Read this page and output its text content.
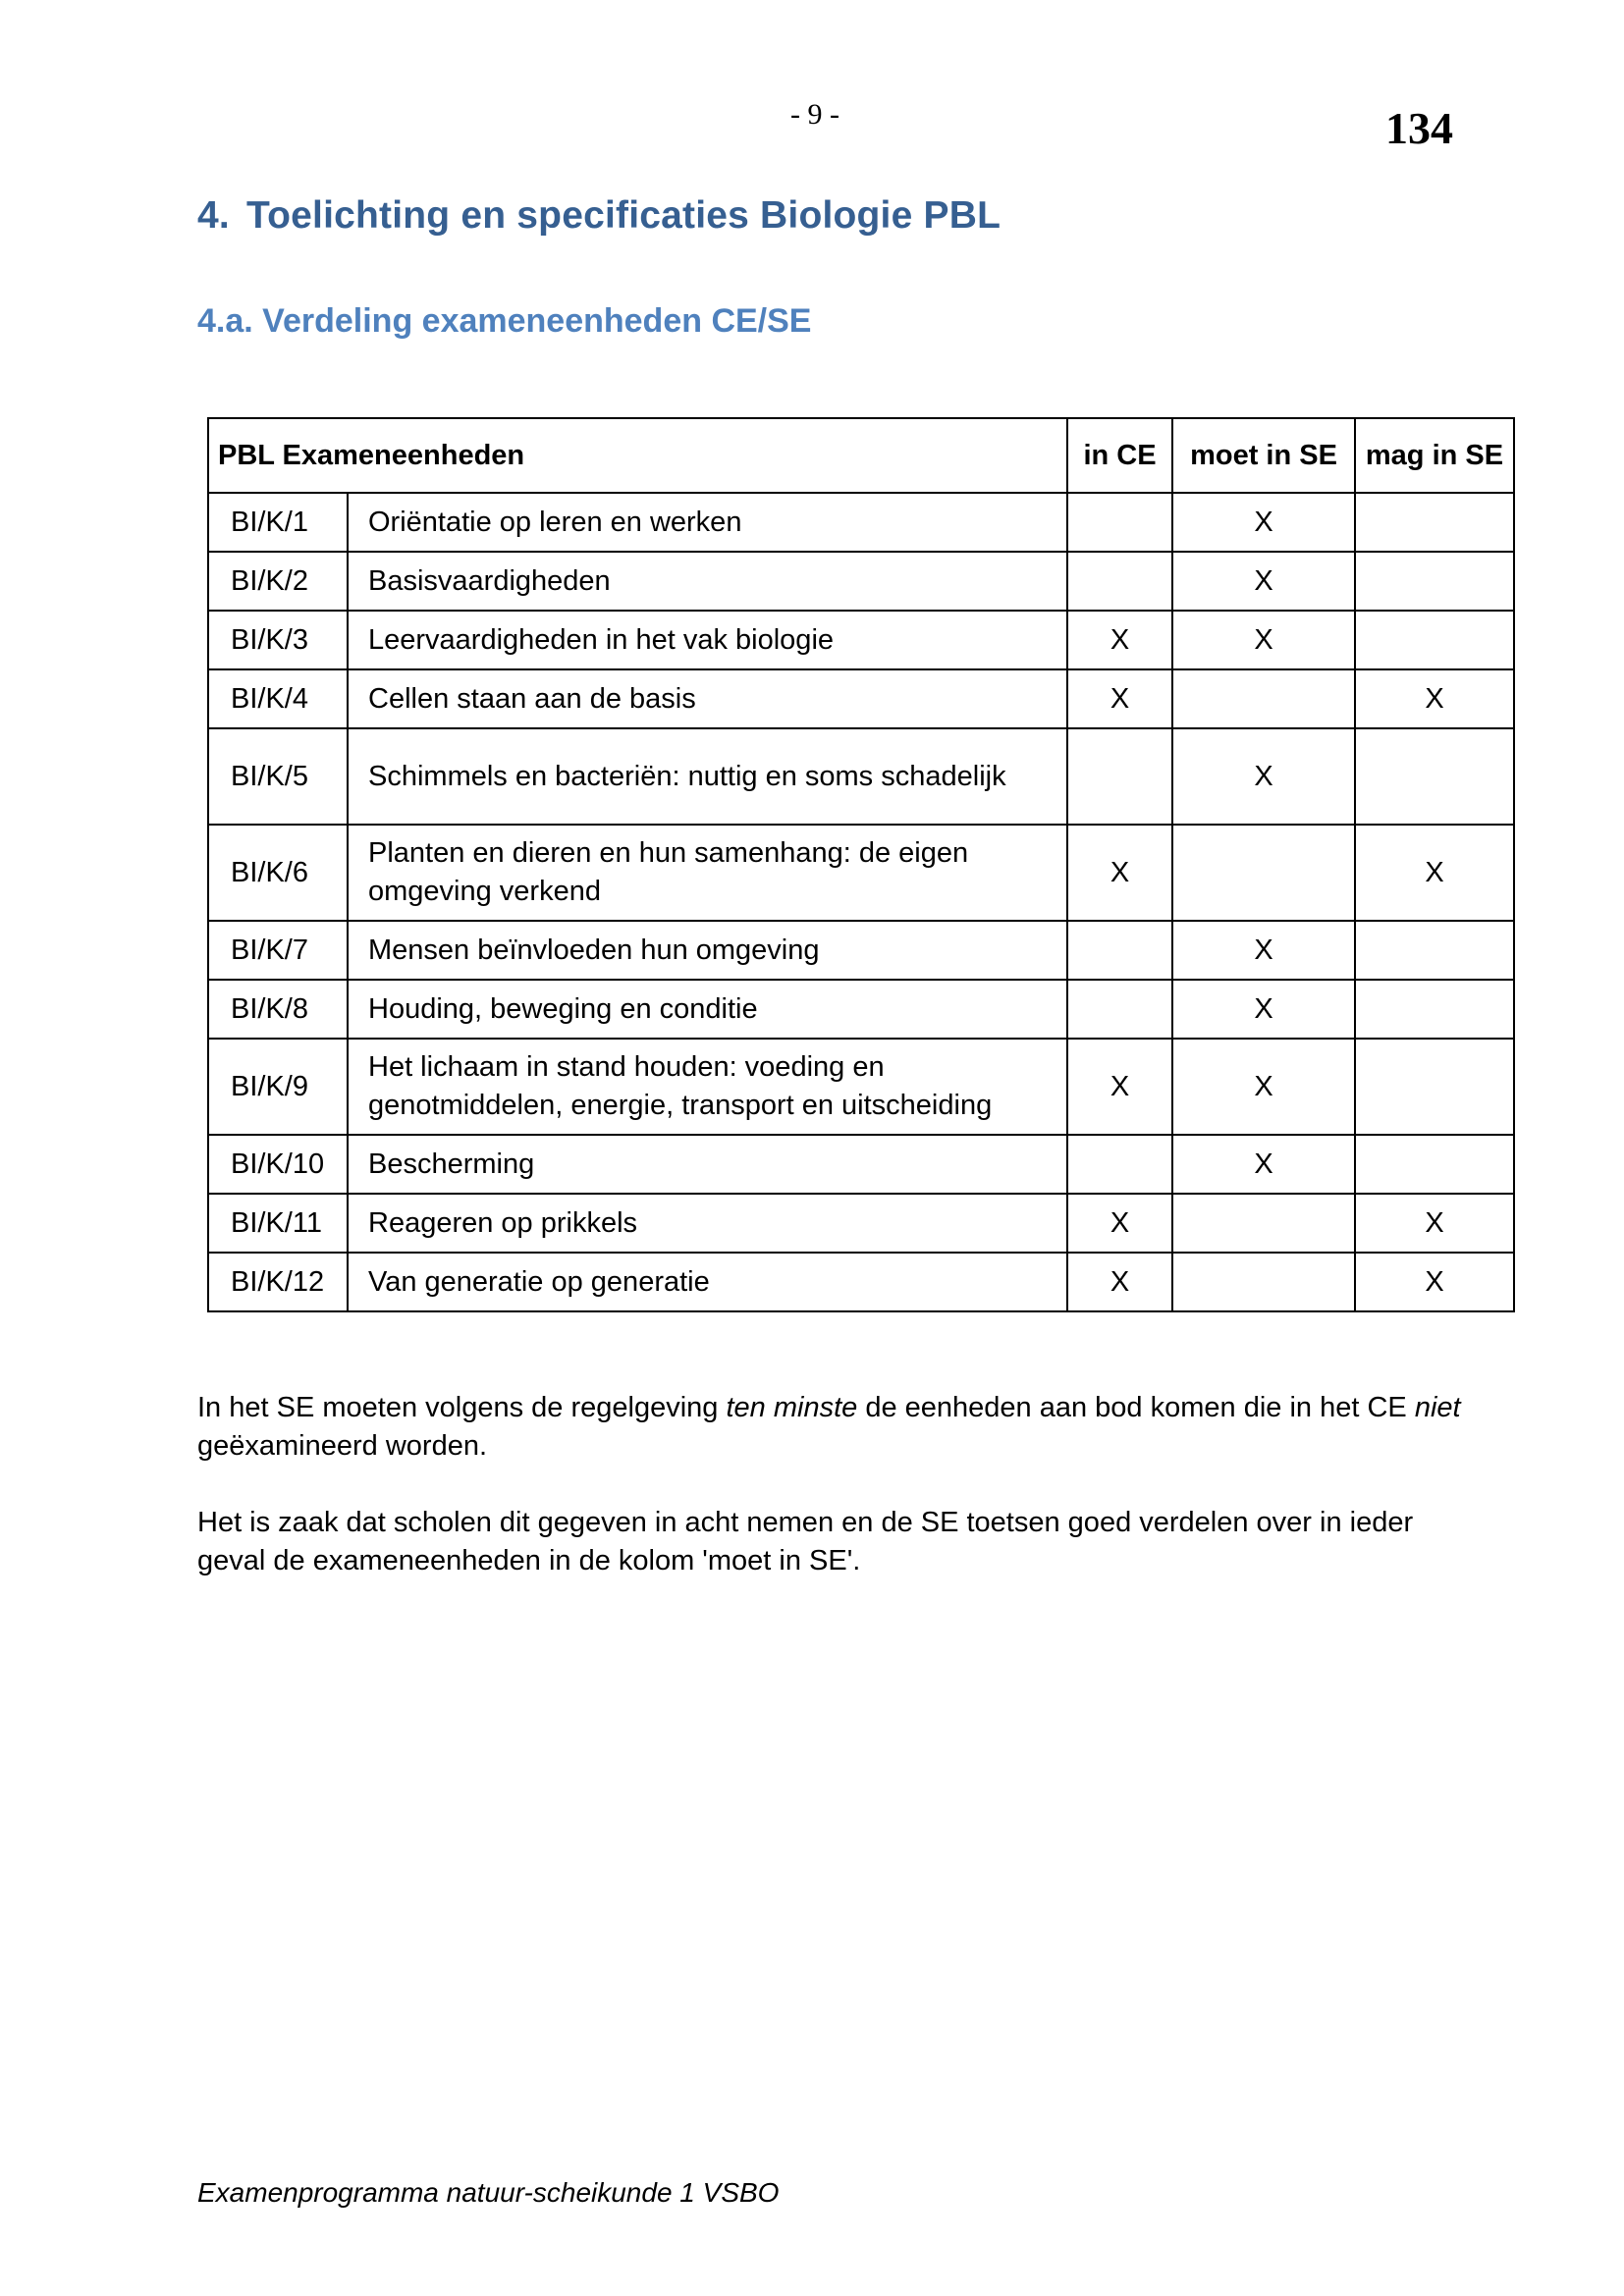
- 9 -	134
4. Toelichting en specificaties Biologie PBL
4.a. Verdeling exameneenheden CE/SE
PBL Exameneenheden		in CE	moet in SE	mag in SE
BI/K/1	Oriëntatie op leren en werken		X	
BI/K/2	Basisvaardigheden		X	
BI/K/3	Leervaardigheden in het vak biologie	X	X	
BI/K/4	Cellen staan aan de basis	X		X
BI/K/5	Schimmels en bacteriën: nuttig en soms schadelijk		X	
BI/K/6	Planten en dieren en hun samenhang: de eigen omgeving verkend	X		X
BI/K/7	Mensen beïnvloeden hun omgeving		X	
BI/K/8	Houding, beweging en conditie		X	
BI/K/9	Het lichaam in stand houden: voeding en genotmiddelen, energie, transport en uitscheiding	X	X	
BI/K/10	Bescherming		X	
BI/K/11	Reageren op prikkels	X		X
BI/K/12	Van generatie op generatie	X		X
In het SE moeten volgens de regelgeving ten minste de eenheden aan bod komen die in het CE niet geëxamineerd worden.
Het is zaak dat scholen dit gegeven in acht nemen en de SE toetsen goed verdelen over in ieder geval de exameneenheden in de kolom 'moet in SE'.
Examenprogramma natuur-scheikunde 1 VSBO
